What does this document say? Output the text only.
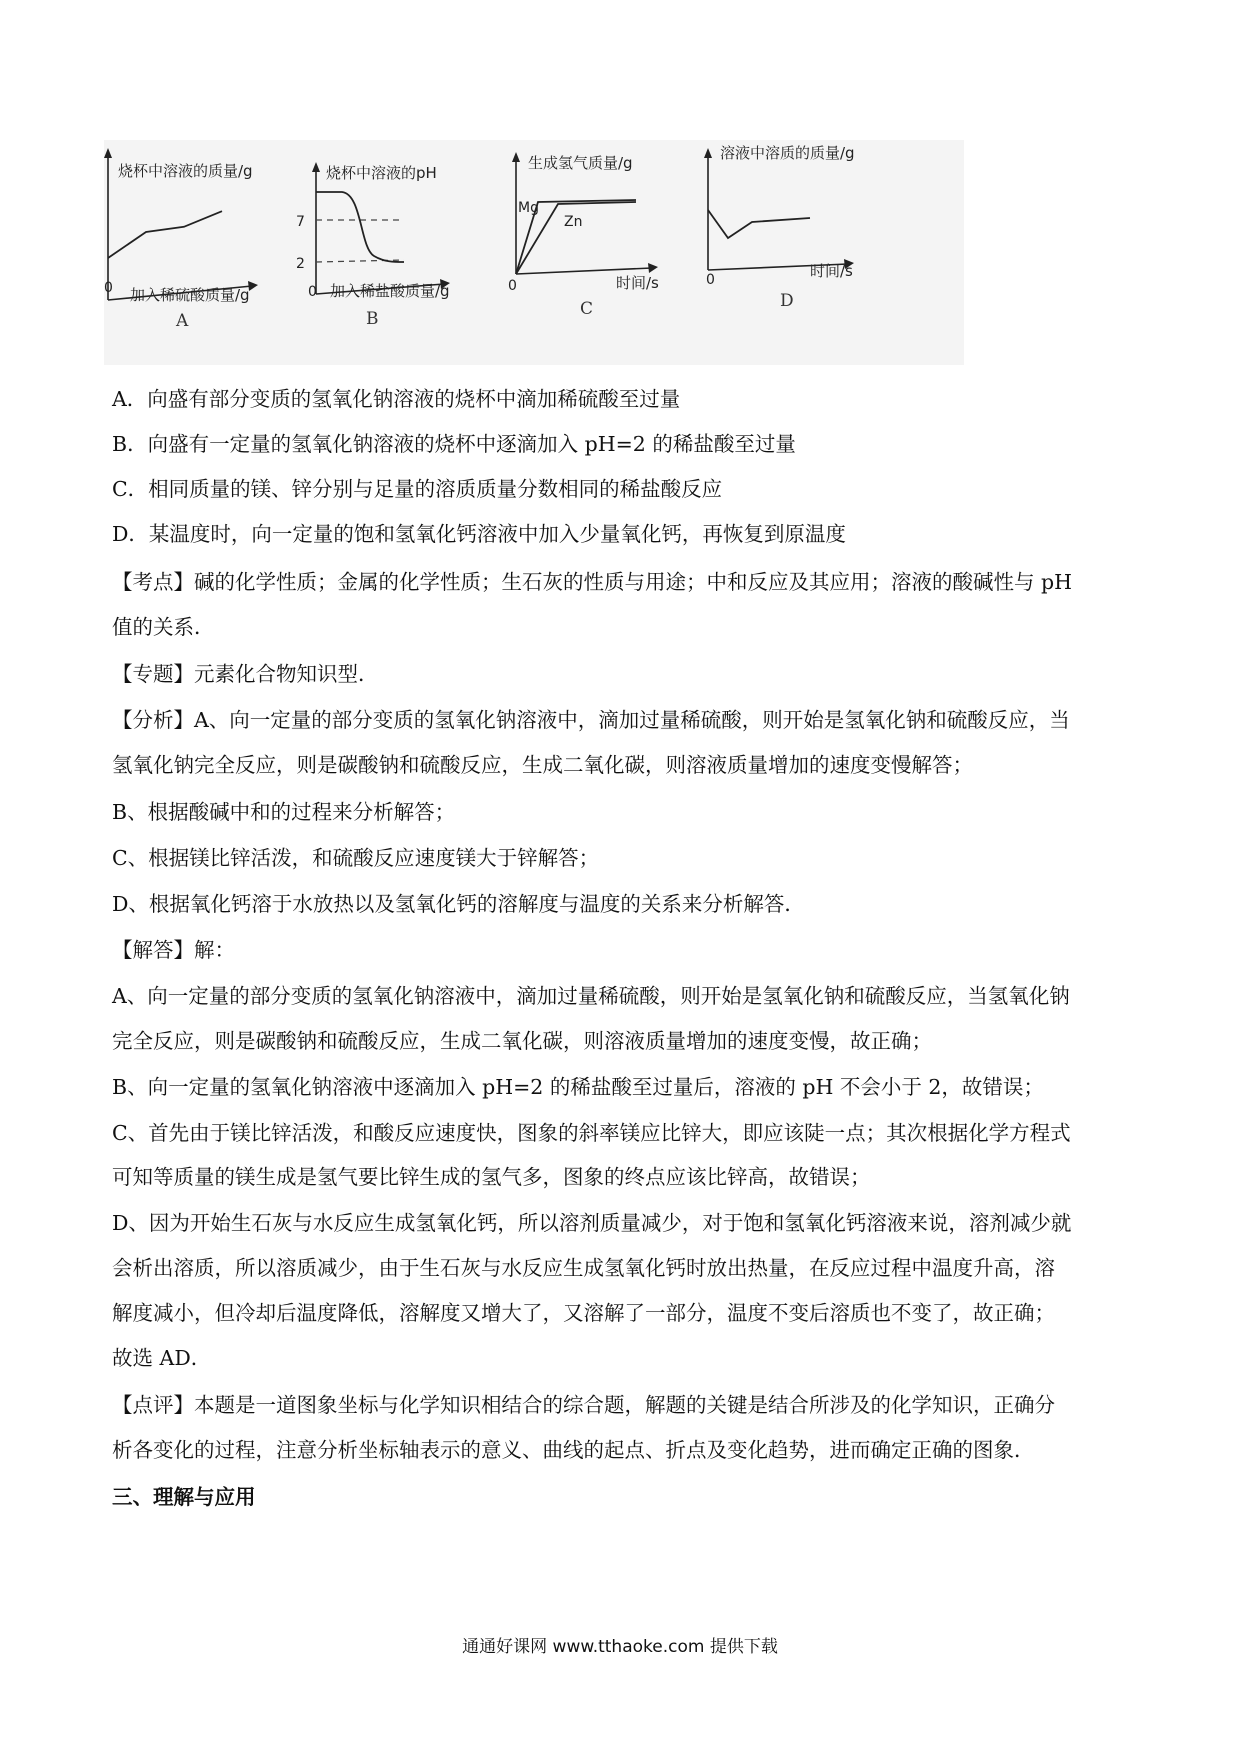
烧杯中溶液的质量/g
0 加入稀硫酸质量/g
A
烧杯中溶液的pH
7
2
0 加入稀盐酸质量/g
B
生成氢气质量/g
Mg
Zn
0	时间/s
C
溶液中溶质的质量/g
0	时间/s
D
A．向盛有部分变质的氢氧化钠溶液的烧杯中滴加稀硫酸至过量
B．向盛有一定量的氢氧化钠溶液的烧杯中逐滴加入 pH=2 的稀盐酸至过量
C．相同质量的镁、锌分别与足量的溶质质量分数相同的稀盐酸反应
D．某温度时，向一定量的饱和氢氧化钙溶液中加入少量氧化钙，再恢复到原温度
【考点】碱的化学性质；金属的化学性质；生石灰的性质与用途；中和反应及其应用；溶液的酸碱性与 pH
值的关系．
【专题】元素化合物知识型．
【分析】A、向一定量的部分变质的氢氧化钠溶液中，滴加过量稀硫酸，则开始是氢氧化钠和硫酸反应，当
氢氧化钠完全反应，则是碳酸钠和硫酸反应，生成二氧化碳，则溶液质量增加的速度变慢解答；
B、根据酸碱中和的过程来分析解答；
C、根据镁比锌活泼，和硫酸反应速度镁大于锌解答；
D、根据氧化钙溶于水放热以及氢氧化钙的溶解度与温度的关系来分析解答．
【解答】解：
A、向一定量的部分变质的氢氧化钠溶液中，滴加过量稀硫酸，则开始是氢氧化钠和硫酸反应，当氢氧化钠
完全反应，则是碳酸钠和硫酸反应，生成二氧化碳，则溶液质量增加的速度变慢，故正确；
B、向一定量的氢氧化钠溶液中逐滴加入 pH=2 的稀盐酸至过量后，溶液的 pH 不会小于 2，故错误；
C、首先由于镁比锌活泼，和酸反应速度快，图象的斜率镁应比锌大，即应该陡一点；其次根据化学方程式
可知等质量的镁生成是氢气要比锌生成的氢气多，图象的终点应该比锌高，故错误；
D、因为开始生石灰与水反应生成氢氧化钙，所以溶剂质量减少，对于饱和氢氧化钙溶液来说，溶剂减少就
会析出溶质，所以溶质减少，由于生石灰与水反应生成氢氧化钙时放出热量，在反应过程中温度升高，溶
解度减小，但冷却后温度降低，溶解度又增大了，又溶解了一部分，温度不变后溶质也不变了，故正确；
故选 AD．
【点评】本题是一道图象坐标与化学知识相结合的综合题，解题的关键是结合所涉及的化学知识，正确分
析各变化的过程，注意分析坐标轴表示的意义、曲线的起点、折点及变化趋势，进而确定正确的图象．
三、理解与应用
通通好课网 www.tthaoke.com 提供下载
